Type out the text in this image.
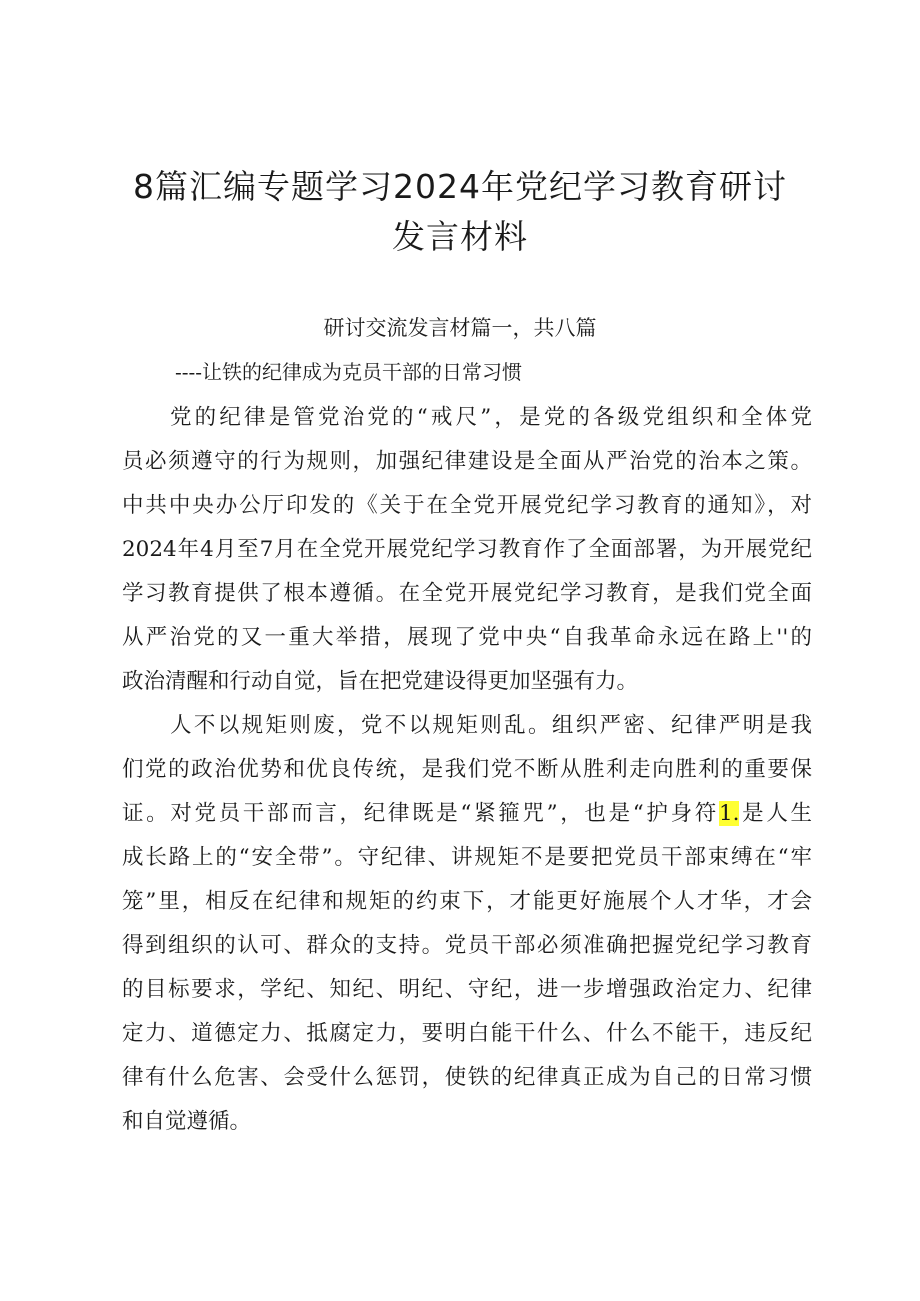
8篇汇编专题学习2024年党纪学习教育研讨
发言材料

研讨交流发言材篇一，共八篇

----让铁的纪律成为克员干部的日常习惯

党的纪律是管党治党的“戒尺”，是党的各级党组织和全体党

员必须遵守的行为规则，加强纪律建设是全面从严治党的治本之策。

中共中央办公厅印发的《关于在全党开展党纪学习教育的通知》，对

2024年4月至7月在全党开展党纪学习教育作了全面部署，为开展党纪

学习教育提供了根本遵循。在全党开展党纪学习教育，是我们党全面

从严治党的又一重大举措，展现了党中央“自我革命永远在路上''的

政治清醒和行动自觉，旨在把党建设得更加坚强有力。

人不以规矩则废，党不以规矩则乱。组织严密、纪律严明是我

们党的政治优势和优良传统，是我们党不断从胜利走向胜利的重要保

证。对党员干部而言，纪律既是“紧箍咒”，也是“护身符1.是人生

成长路上的“安全带”。守纪律、讲规矩不是要把党员干部束缚在“牢

笼”里，相反在纪律和规矩的约束下，才能更好施展个人才华，才会

得到组织的认可、群众的支持。党员干部必须准确把握党纪学习教育

的目标要求，学纪、知纪、明纪、守纪，进一步增强政治定力、纪律

定力、道德定力、抵腐定力，要明白能干什么、什么不能干，违反纪

律有什么危害、会受什么惩罚，使铁的纪律真正成为自己的日常习惯

和自觉遵循。
